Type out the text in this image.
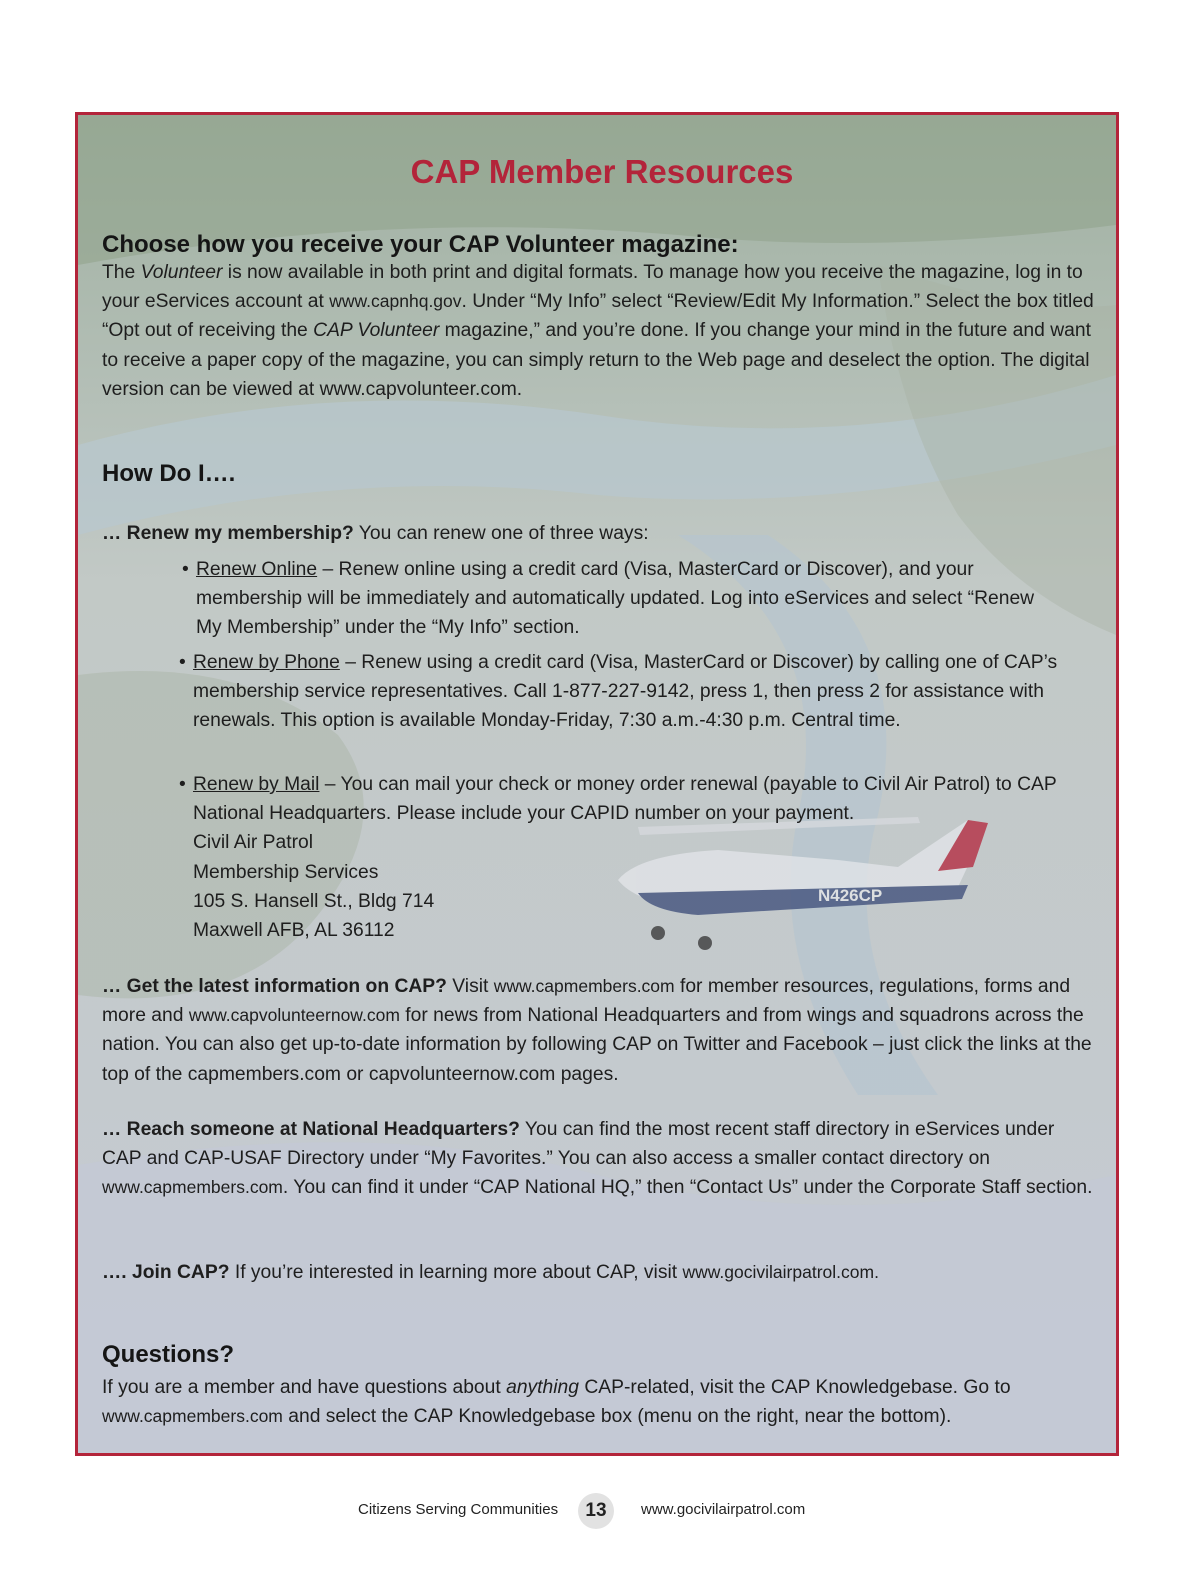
N426CP
CAP Member Resources
Choose how you receive your CAP Volunteer magazine:

The Volunteer is now available in both print and digital formats. To manage how you receive the magazine, log in to your eServices account at www.capnhq.gov. Under “My Info” select “Review/Edit My Information.” Select the box titled “Opt out of receiving the CAP Volunteer magazine,” and you’re done. If you change your mind in the future and want to receive a paper copy of the magazine, you can simply return to the Web page and deselect the option. The digital version can be viewed at www.capvolunteer.com.

How Do I….

… Renew my membership? You can renew one of three ways:

• Renew Online – Renew online using a credit card (Visa, MasterCard or Discover), and your membership will be immediately and automatically updated. Log into eServices and select “Renew My Membership” under the “My Info” section.

• Renew by Phone – Renew using a credit card (Visa, MasterCard or Discover) by calling one of CAP’s membership service representatives. Call 1-877-227-9142, press 1, then press 2 for assistance with renewals. This option is available Monday-Friday, 7:30 a.m.-4:30 p.m. Central time.

• Renew by Mail – You can mail your check or money order renewal (payable to Civil Air Patrol) to CAP National Headquarters. Please include your CAPID number on your payment.
Civil Air Patrol
Membership Services
105 S. Hansell St., Bldg 714
Maxwell AFB, AL 36112

… Get the latest information on CAP? Visit www.capmembers.com for member resources, regulations, forms and more and www.capvolunteernow.com for news from National Headquarters and from wings and squadrons across the nation. You can also get up-to-date information by following CAP on Twitter and Facebook – just click the links at the top of the capmembers.com or capvolunteernow.com pages.

… Reach someone at National Headquarters? You can find the most recent staff directory in eServices under CAP and CAP-USAF Directory under “My Favorites.” You can also access a smaller contact directory on www.capmembers.com. You can find it under “CAP National HQ,” then “Contact Us” under the Corporate Staff section.

…. Join CAP? If you’re interested in learning more about CAP, visit www.gocivilairpatrol.com.

Questions?

If you are a member and have questions about anything CAP-related, visit the CAP Knowledgebase. Go to www.capmembers.com and select the CAP Knowledgebase box (menu on the right, near the bottom).

Citizens Serving Communities	13	www.gocivilairpatrol.com
